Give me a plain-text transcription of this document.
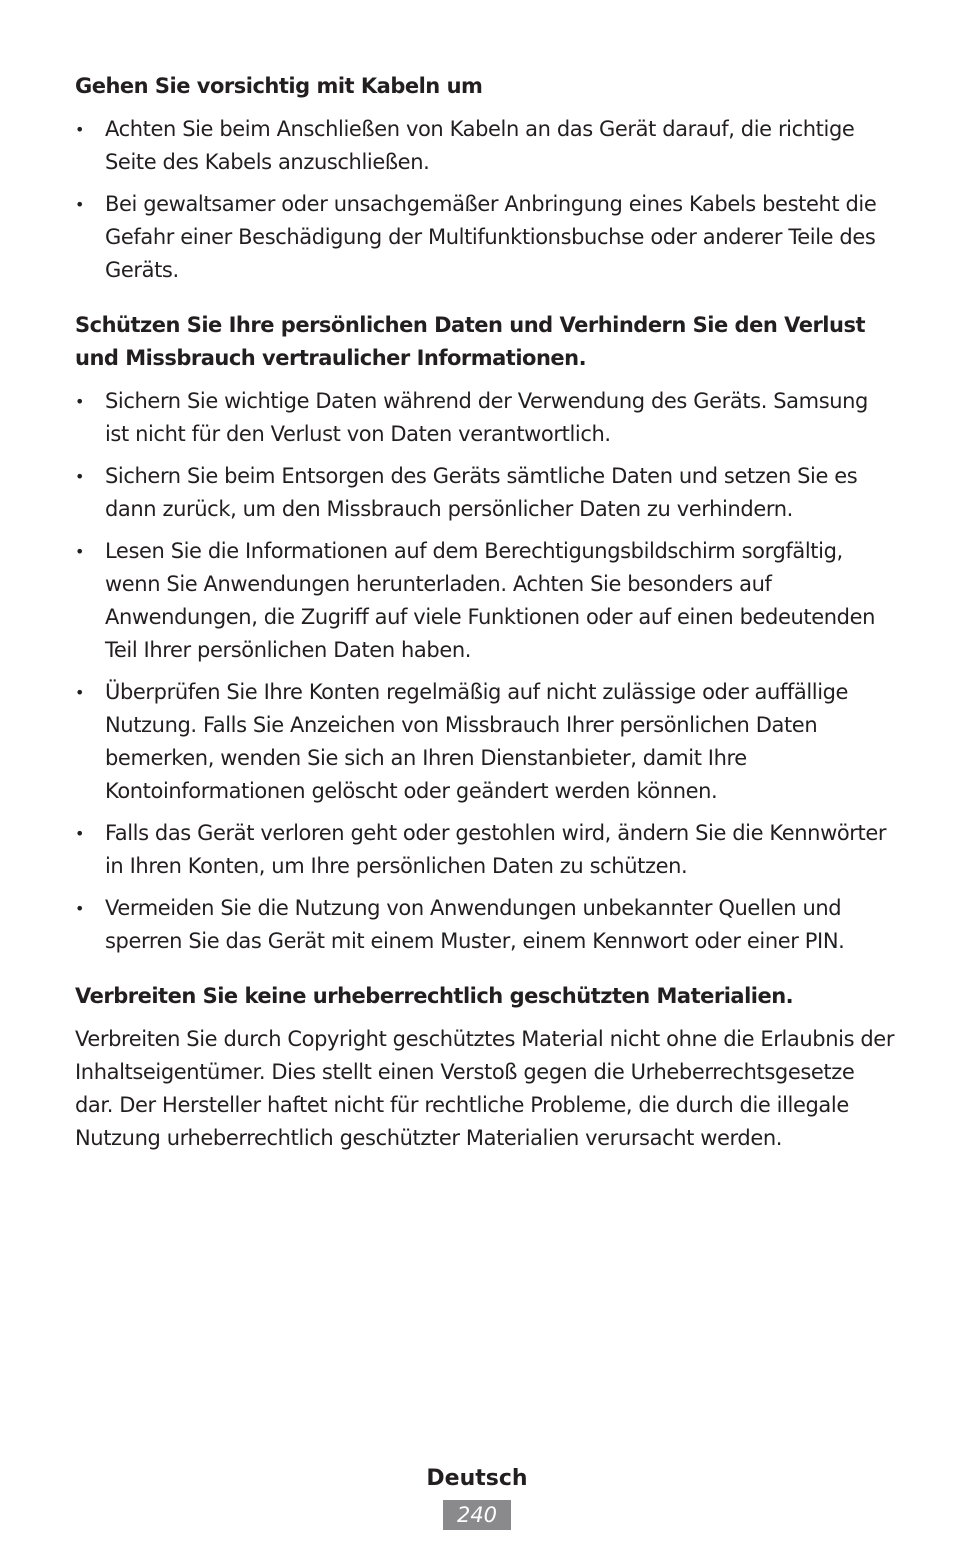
Gehen Sie vorsichtig mit Kabeln um
• Achten Sie beim Anschließen von Kabeln an das Gerät darauf, die richtige Seite des Kabels anzuschließen.
• Bei gewaltsamer oder unsachgemäßer Anbringung eines Kabels besteht die Gefahr einer Beschädigung der Multifunktionsbuchse oder anderer Teile des Geräts.
Schützen Sie Ihre persönlichen Daten und Verhindern Sie den Verlust und Missbrauch vertraulicher Informationen.
• Sichern Sie wichtige Daten während der Verwendung des Geräts. Samsung ist nicht für den Verlust von Daten verantwortlich.
• Sichern Sie beim Entsorgen des Geräts sämtliche Daten und setzen Sie es dann zurück, um den Missbrauch persönlicher Daten zu verhindern.
• Lesen Sie die Informationen auf dem Berechtigungsbildschirm sorgfältig, wenn Sie Anwendungen herunterladen. Achten Sie besonders auf Anwendungen, die Zugriff auf viele Funktionen oder auf einen bedeutenden Teil Ihrer persönlichen Daten haben.
• Überprüfen Sie Ihre Konten regelmäßig auf nicht zulässige oder auffällige Nutzung. Falls Sie Anzeichen von Missbrauch Ihrer persönlichen Daten bemerken, wenden Sie sich an Ihren Dienstanbieter, damit Ihre Kontoinformationen gelöscht oder geändert werden können.
• Falls das Gerät verloren geht oder gestohlen wird, ändern Sie die Kennwörter in Ihren Konten, um Ihre persönlichen Daten zu schützen.
• Vermeiden Sie die Nutzung von Anwendungen unbekannter Quellen und sperren Sie das Gerät mit einem Muster, einem Kennwort oder einer PIN.
Verbreiten Sie keine urheberrechtlich geschützten Materialien.

Verbreiten Sie durch Copyright geschütztes Material nicht ohne die Erlaubnis der Inhaltseigentümer. Dies stellt einen Verstoß gegen die Urheberrechtsgesetze dar. Der Hersteller haftet nicht für rechtliche Probleme, die durch die illegale Nutzung urheberrechtlich geschützter Materialien verursacht werden.

Deutsch
240
